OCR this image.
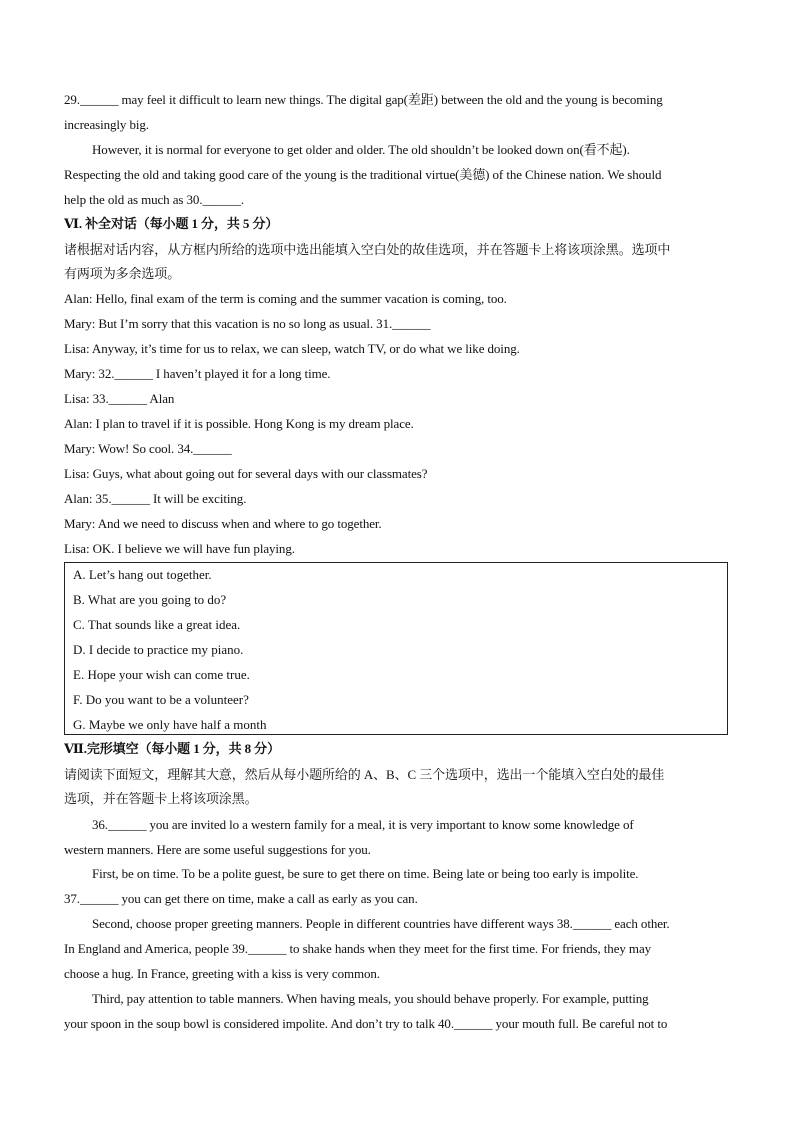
29.______ may feel it difficult to learn new things. The digital gap(差距) between the old and the young is becoming
increasingly big.
However, it is normal for everyone to get older and older. The old shouldn’t be looked down on(看不起).
Respecting the old and taking good care of the young is the traditional virtue(美德) of the Chinese nation. We should
help the old as much as 30.______.
Ⅵ. 补全对话（每小题 1 分，共 5 分）
诸根据对话内容，从方框内所给的选项中选出能填入空白处的故佳选项，并在答题卡上将该项涂黑。选项中
有两项为多余选项。
Alan: Hello, final exam of the term is coming and the summer vacation is coming, too.
Mary: But I’m sorry that this vacation is no so long as usual. 31.______
Lisa: Anyway, it’s time for us to relax, we can sleep, watch TV, or do what we like doing.
Mary: 32.______ I haven’t played it for a long time.
Lisa: 33.______ Alan
Alan: I plan to travel if it is possible. Hong Kong is my dream place.
Mary: Wow! So cool. 34.______
Lisa: Guys, what about going out for several days with our classmates?
Alan: 35.______ It will be exciting.
Mary: And we need to discuss when and where to go together.
Lisa: OK. I believe we will have fun playing.
A. Let’s hang out together.
B. What are you going to do?
C. That sounds like a great idea.
D. I decide to practice my piano.
E. Hope your wish can come true.
F. Do you want to be a volunteer?
G. Maybe we only have half a month
Ⅶ.完形填空（每小题 1 分，共 8 分）
请阅读下面短文，理解其大意，然后从每小题所给的 A、B、C 三个选项中，选出一个能填入空白处的最佳
选项，并在答题卡上将该项涂黑。
36.______ you are invited lo a western family for a meal, it is very important to know some knowledge of
western manners. Here are some useful suggestions for you.
First, be on time. To be a polite guest, be sure to get there on time. Being late or being too early is impolite.
37.______ you can get there on time, make a call as early as you can.
Second, choose proper greeting manners. People in different countries have different ways 38.______ each other.
In England and America, people 39.______ to shake hands when they meet for the first time. For friends, they may
choose a hug. In France, greeting with a kiss is very common.
Third, pay attention to table manners. When having meals, you should behave properly. For example, putting
your spoon in the soup bowl is considered impolite. And don’t try to talk 40.______ your mouth full. Be careful not to
